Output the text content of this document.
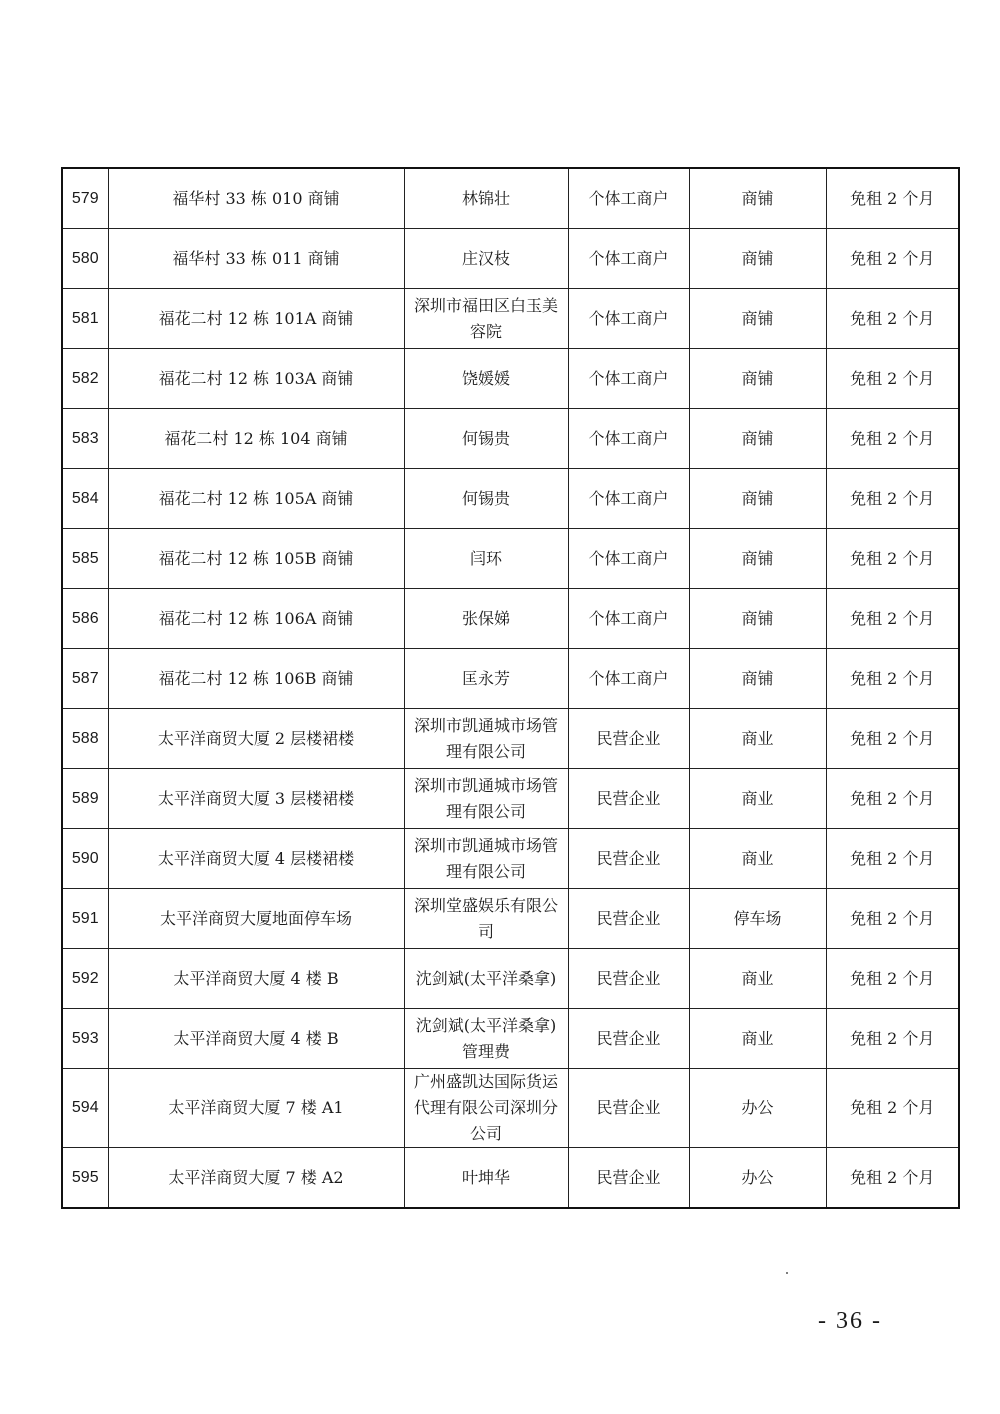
579	福华村 33 栋 010 商铺	林锦壮	个体工商户	商铺	免租 2 个月
580	福华村 33 栋 011 商铺	庄汉枝	个体工商户	商铺	免租 2 个月
581	福花二村 12 栋 101A 商铺	深圳市福田区白玉美容院	个体工商户	商铺	免租 2 个月
582	福花二村 12 栋 103A 商铺	饶媛媛	个体工商户	商铺	免租 2 个月
583	福花二村 12 栋 104 商铺	何锡贵	个体工商户	商铺	免租 2 个月
584	福花二村 12 栋 105A 商铺	何锡贵	个体工商户	商铺	免租 2 个月
585	福花二村 12 栋 105B 商铺	闫环	个体工商户	商铺	免租 2 个月
586	福花二村 12 栋 106A 商铺	张保娣	个体工商户	商铺	免租 2 个月
587	福花二村 12 栋 106B 商铺	匡永芳	个体工商户	商铺	免租 2 个月
588	太平洋商贸大厦 2 层楼裙楼	深圳市凯通城市场管理有限公司	民营企业	商业	免租 2 个月
589	太平洋商贸大厦 3 层楼裙楼	深圳市凯通城市场管理有限公司	民营企业	商业	免租 2 个月
590	太平洋商贸大厦 4 层楼裙楼	深圳市凯通城市场管理有限公司	民营企业	商业	免租 2 个月
591	太平洋商贸大厦地面停车场	深圳堂盛娱乐有限公司	民营企业	停车场	免租 2 个月
592	太平洋商贸大厦 4 楼 B	沈剑斌(太平洋桑拿)	民营企业	商业	免租 2 个月
593	太平洋商贸大厦 4 楼 B	沈剑斌(太平洋桑拿)管理费	民营企业	商业	免租 2 个月
594	太平洋商贸大厦 7 楼 A1	广州盛凯达国际货运代理有限公司深圳分公司	民营企业	办公	免租 2 个月
595	太平洋商贸大厦 7 楼 A2	叶坤华	民营企业	办公	免租 2 个月
- 36 -
